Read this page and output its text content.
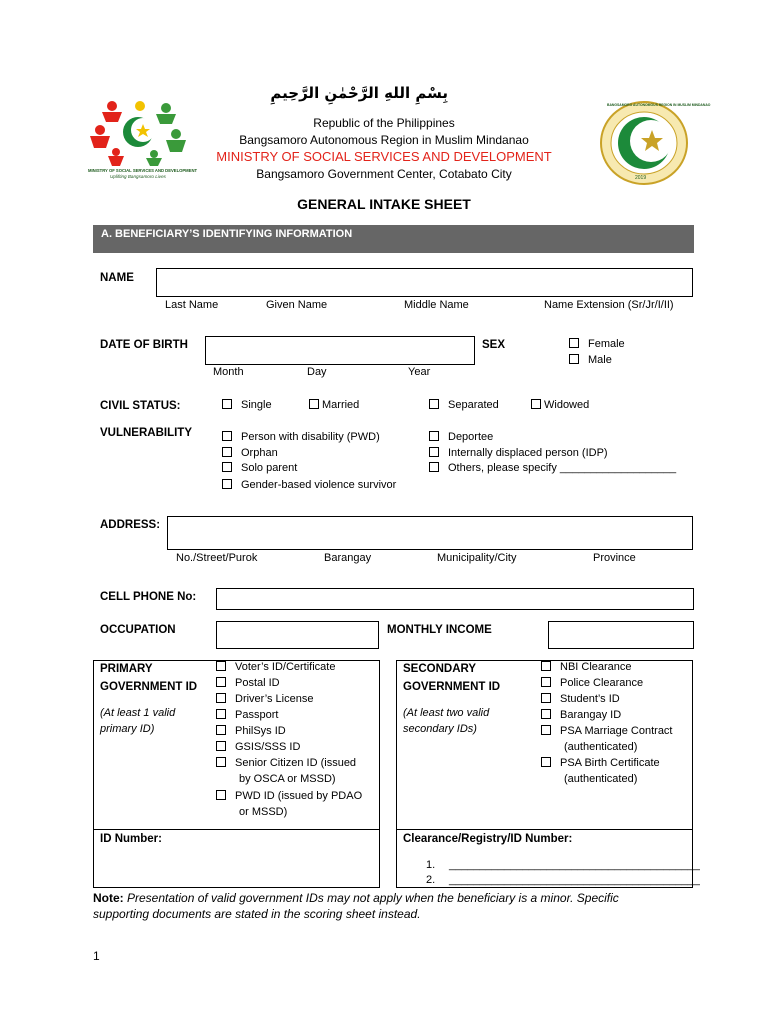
MINISTRY OF SOCIAL SERVICES AND DEVELOPMENT
Uplifting Bangsamoro Lives
بِسْمِ اللهِ الرَّحْمٰنِ الرَّحِيمِ
Republic of the Philippines
Bangsamoro Autonomous Region in Muslim Mindanao
MINISTRY OF SOCIAL SERVICES AND DEVELOPMENT
Bangsamoro Government Center, Cotabato City
BANGSAMORO AUTONOMOUS REGION IN MUSLIM MINDANAO
2019
GENERAL INTAKE SHEET
A. BENEFICIARY’S IDENTIFYING INFORMATION
NAME
Last Name	Given Name	Middle Name	Name Extension (Sr/Jr/I/II)
DATE OF BIRTH
Month	Day	Year
SEX	Female
Male
CIVIL STATUS:	Single	Married	Separated	Widowed
VULNERABILITY	Person with disability (PWD)
Orphan
Solo parent
Gender-based violence survivor
Deportee
Internally displaced person (IDP)
Others, please specify ___________________
ADDRESS:
No./Street/Purok	Barangay	Municipality/City	Province
CELL PHONE No:
OCCUPATION	MONTHLY INCOME
PRIMARY
GOVERNMENT ID
(At least 1 valid
primary ID)
Voter’s ID/Certificate
Postal ID
Driver’s License
Passport
PhilSys ID
GSIS/SSS ID
Senior Citizen ID (issued
by OSCA or MSSD)
PWD ID (issued by PDAO
or MSSD)
ID Number:
SECONDARY
GOVERNMENT ID
(At least two valid
secondary IDs)
NBI Clearance
Police Clearance
Student’s ID
Barangay ID
PSA Marriage Contract
(authenticated)
PSA Birth Certificate
(authenticated)
Clearance/Registry/ID Number:
1. _________________________________________
2. _________________________________________
Note: Presentation of valid government IDs may not apply when the beneficiary is a minor. Specific
supporting documents are stated in the scoring sheet instead.
1
